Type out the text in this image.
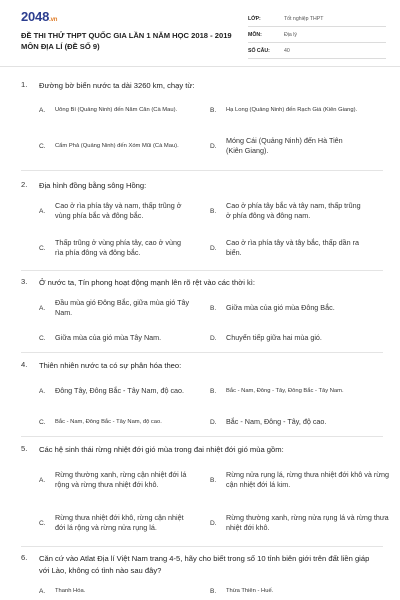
2048.vn
ĐỀ THI THỬ THPT QUỐC GIA LẦN 1 NĂM HỌC 2018 - 2019 MÔN ĐỊA LÍ (ĐỀ SỐ 9)
LỚP:	Tốt nghiệp THPT
MÔN:	Địa lý
SỐ CÂU:	40
1.	Đường bờ biển nước ta dài 3260 km, chạy từ:
A.	Uông Bí (Quảng Ninh) đến Năm Căn (Cà Mau).	B.	Hạ Long (Quảng Ninh) đến Rạch Giá (Kiên Giang).
C.	Cẩm Phả (Quảng Ninh) đến Xóm Mũi (Cà Mau).	D.
Móng Cái (Quảng Ninh) đến Hà Tiên (Kiên Giang).
2.	Địa hình đồng bằng sông Hồng:
A.
Cao ở rìa phía tây và nam, thấp trũng ở vùng phía bắc và đông bắc.	B.
Cao ở phía tây bắc và tây nam, thấp trũng ở phía đông và đông nam.
C.
Thấp trũng ở vùng phía tây, cao ở vùng rìa phía đông và đông bắc.	D.
Cao ở rìa phía tây và tây bắc, thấp dần ra biển.
3.	Ở nước ta, Tín phong hoạt động mạnh lên rõ rệt vào các thời kì:
A.
Đầu mùa gió Đông Bắc, giữa mùa gió Tây Nam.	B.	Giữa mùa của gió mùa Đông Bắc.
C.	Giữa mùa của gió mùa Tây Nam.	D.	Chuyển tiếp giữa hai mùa gió.
4.	Thiên nhiên nước ta có sự phân hóa theo:
A.	Đông Tây, Đông Bắc - Tây Nam, độ cao.	B.	Bắc - Nam, Đông - Tây, Đông Bắc - Tây Nam.
C.	Bắc - Nam, Đông Bắc - Tây Nam, độ cao.	D.	Bắc - Nam, Đông - Tây, độ cao.
5.	Các hệ sinh thái rừng nhiệt đới gió mùa trong đai nhiệt đới gió mùa gồm:
A.
Rừng thường xanh, rừng cận nhiệt đới lá rộng và rừng thưa nhiệt đới khô.	B.
Rừng nửa rụng lá, rừng thưa nhiệt đới khô và rừng cận nhiệt đới lá kim.
C.
Rừng thưa nhiệt đới khô, rừng cận nhiệt đới lá rộng và rừng nửa rụng lá.	D.
Rừng thường xanh, rừng nửa rụng lá và rừng thưa nhiệt đới khô.
6.	Căn cứ vào Atlat Địa lí Việt Nam trang 4-5, hãy cho biết trong số 10 tỉnh biên giới trên đất liền giáp với Lào, không có tỉnh nào sau đây?
A.	Thanh Hóa.	B.	Thừa Thiên - Huế.
